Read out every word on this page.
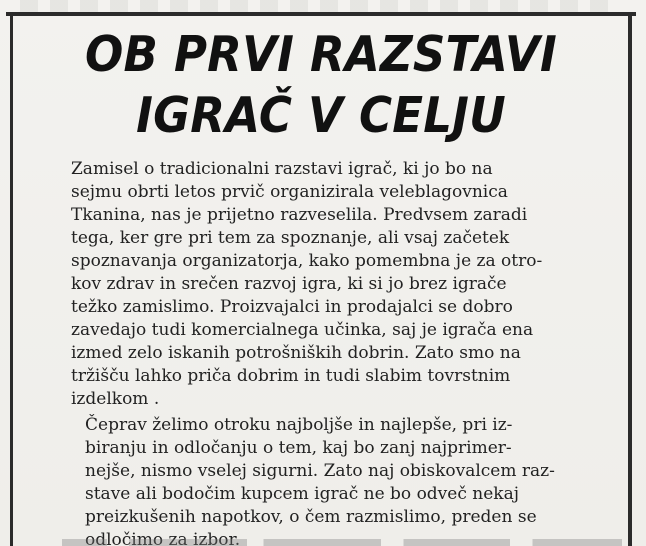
OB PRVI RAZSTAVI
IGRAČ V CELJU

Zamisel o tradicionalni razstavi igrač, ki jo bo na
sejmu obrti letos prvič organizirala veleblagovnica
Tkanina, nas je prijetno razveselila. Predvsem zaradi
tega, ker gre pri tem za spoznanje, ali vsaj začetek
spoznavanja organizatorja, kako pomembna je za otro-
kov zdrav in srečen razvoj igra, ki si jo brez igrače
težko zamislimo. Proizvajalci in prodajalci se dobro
zavedajo tudi komercialnega učinka, saj je igrača ena
izmed zelo iskanih potrošniških dobrin. Zato smo na
tržišču lahko priča dobrim in tudi slabim tovrstnim
izdelkom .

Čeprav želimo otroku najboljše in najlepše, pri iz-
biranju in odločanju o tem, kaj bo zanj najprimer-
nejše, nismo vselej sigurni. Zato naj obiskovalcem raz-
stave ali bodočim kupcem igrač ne bo odveč nekaj
preizkušenih napotkov, o čem razmislimo, preden se
odločimo za izbor.
